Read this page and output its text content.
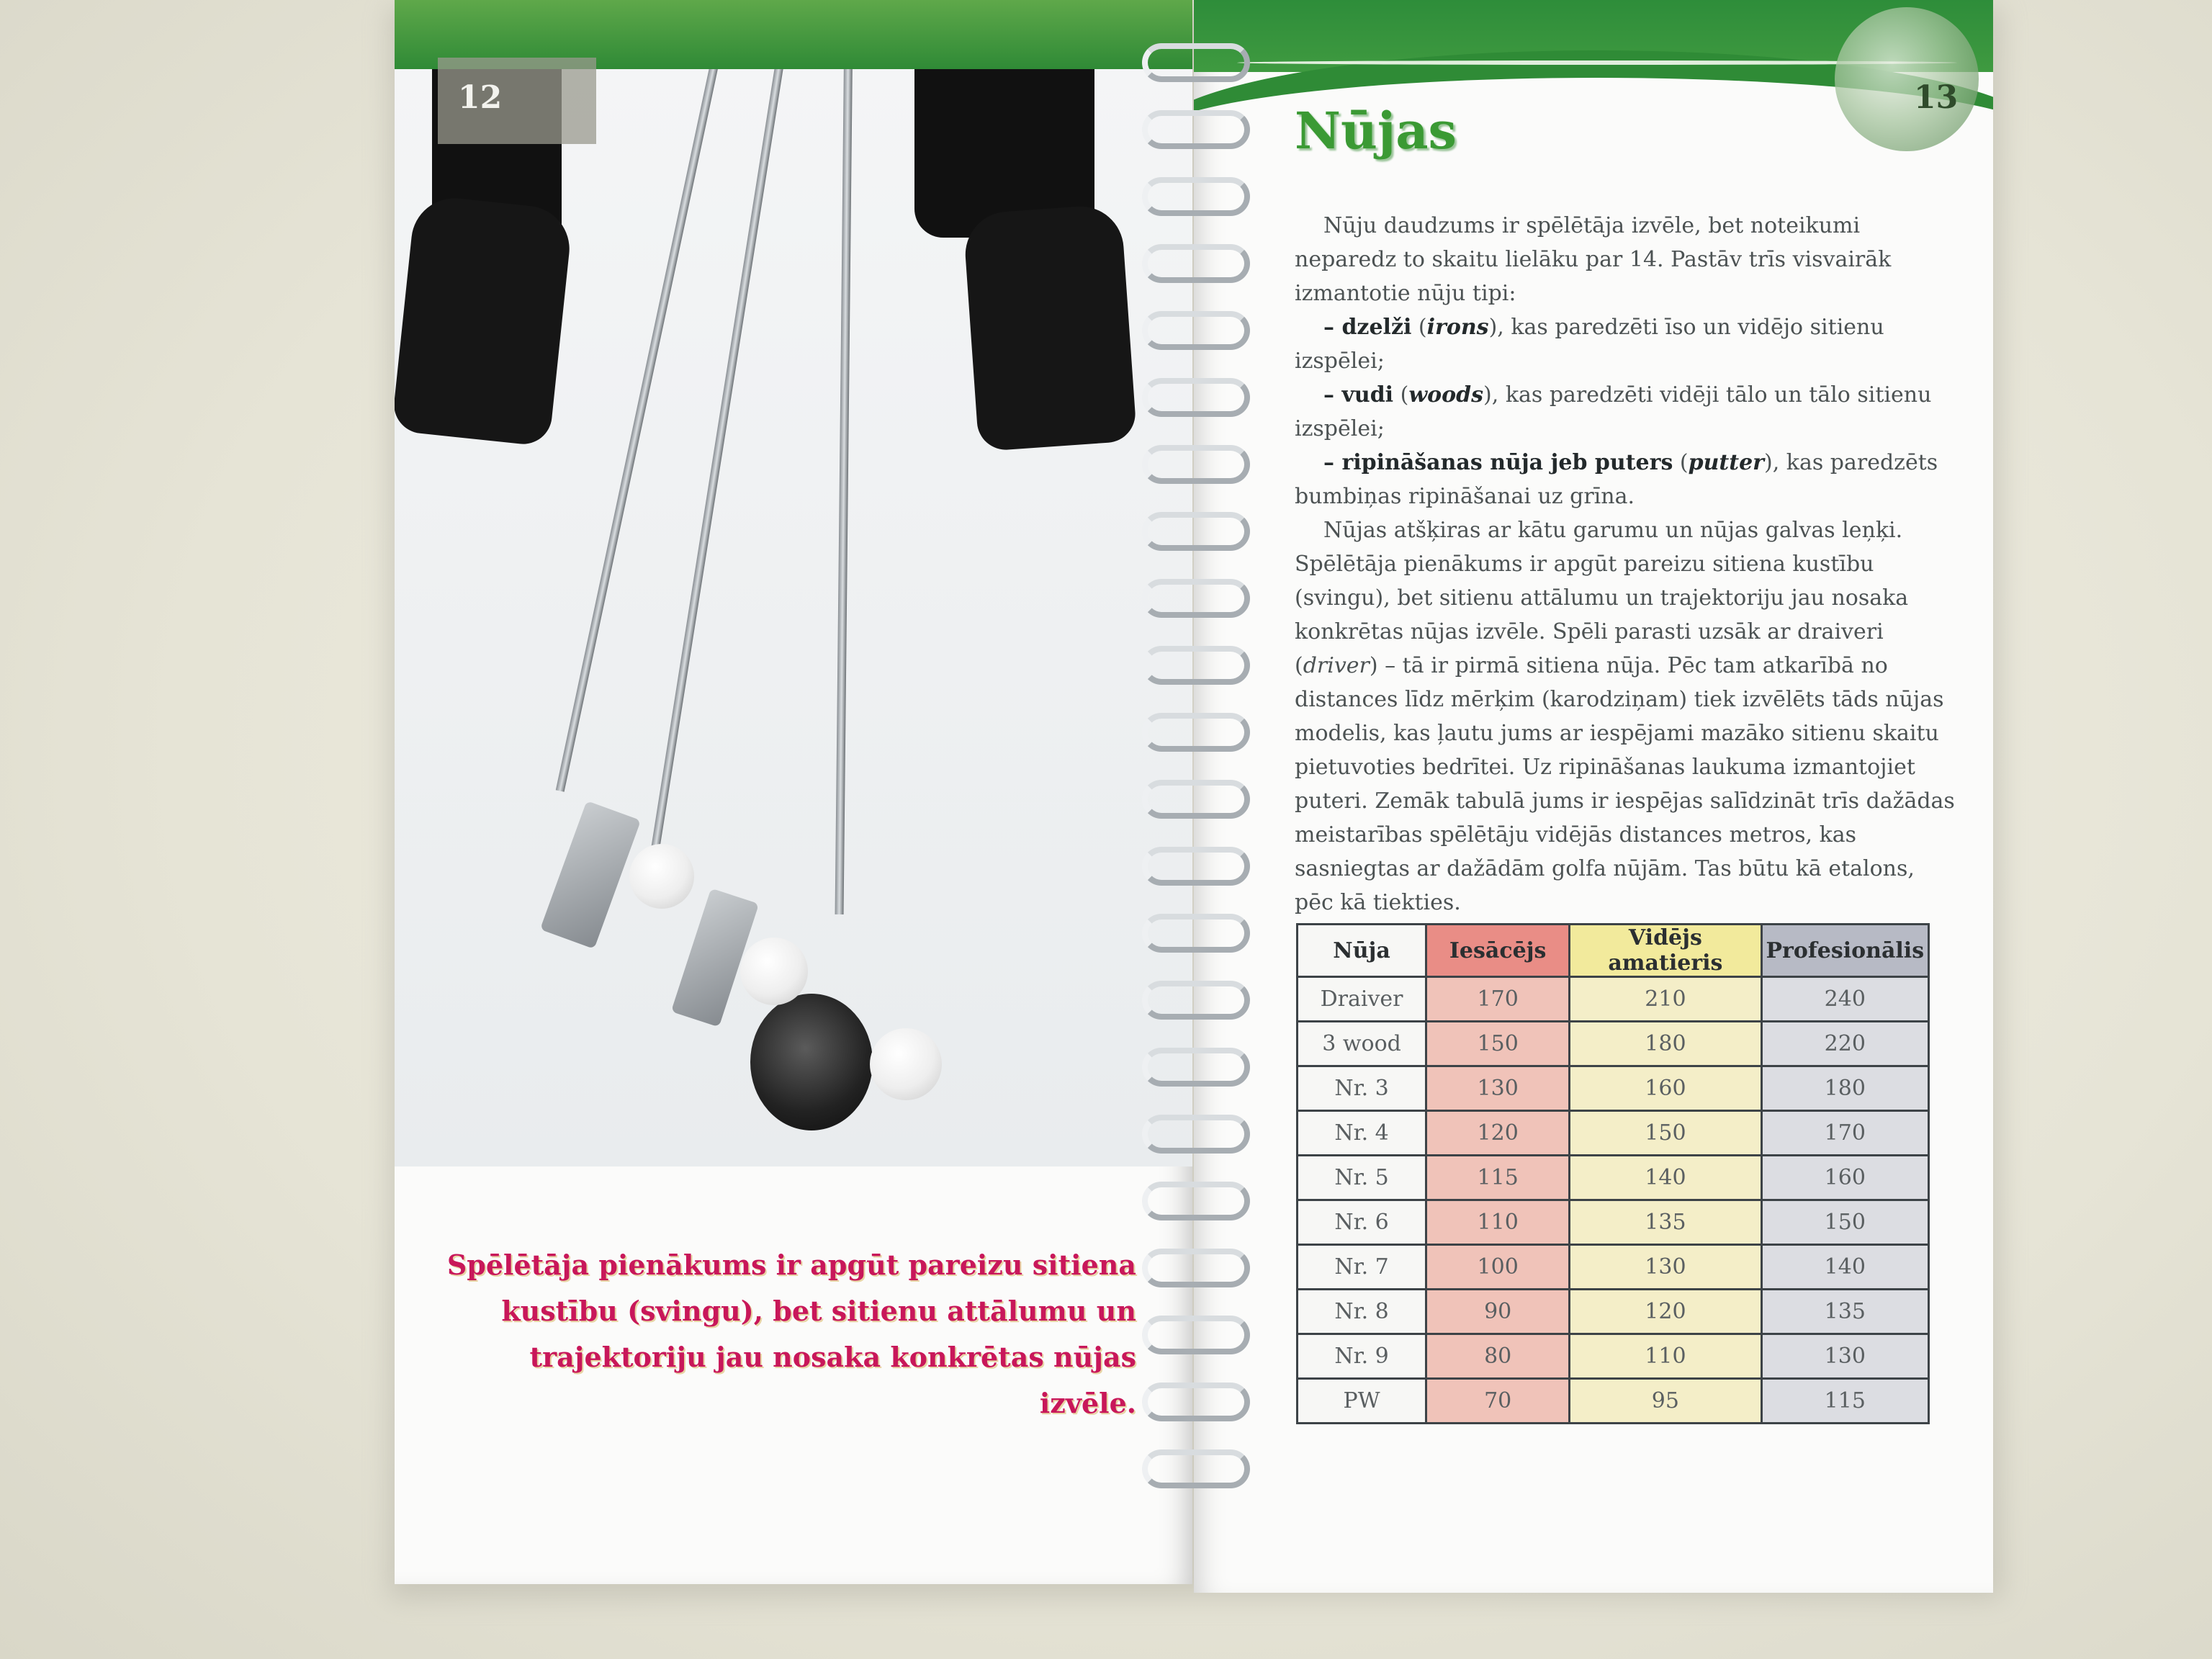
12
Spēlētāja pienākums ir apgūt pareizu sitiena kustību (svingu), bet sitienu attālumu un trajektoriju jau nosaka konkrētas nūjas izvēle.
13
Nūjas

Nūju daudzums ir spēlētāja izvēle, bet noteikumi neparedz to skaitu lielāku par 14. Pastāv trīs visvairāk izmantotie nūju tipi:

– dzelži (irons), kas paredzēti īso un vidējo sitienu izspēlei;

– vudi (woods), kas paredzēti vidēji tālo un tālo sitienu izspēlei;

– ripināšanas nūja jeb puters (putter), kas paredzēts bumbiņas ripināšanai uz grīna.

Nūjas atšķiras ar kātu garumu un nūjas galvas leņķi. Spēlētāja pienākums ir apgūt pareizu sitiena kustību (svingu), bet sitienu attālumu un trajektoriju jau nosaka konkrētas nūjas izvēle. Spēli parasti uzsāk ar draiveri (driver) – tā ir pirmā sitiena nūja. Pēc tam atkarībā no distances līdz mērķim (karodziņam) tiek izvēlēts tāds nūjas modelis, kas ļautu jums ar iespējami mazāko sitienu skaitu pietuvoties bedrītei. Uz ripināšanas laukuma izmantojiet puteri. Zemāk tabulā jums ir iespējas salīdzināt trīs dažādas meistarības spēlētāju vidējās distances metros, kas sasniegtas ar dažādām golfa nūjām. Tas būtu kā etalons, pēc kā tiekties.

Nūja	Iesācējs	Vidējs amatieris	Profesionālis
Draiver	170	210	240
3 wood	150	180	220
Nr. 3	130	160	180
Nr. 4	120	150	170
Nr. 5	115	140	160
Nr. 6	110	135	150
Nr. 7	100	130	140
Nr. 8	90	120	135
Nr. 9	80	110	130
PW	70	95	115
